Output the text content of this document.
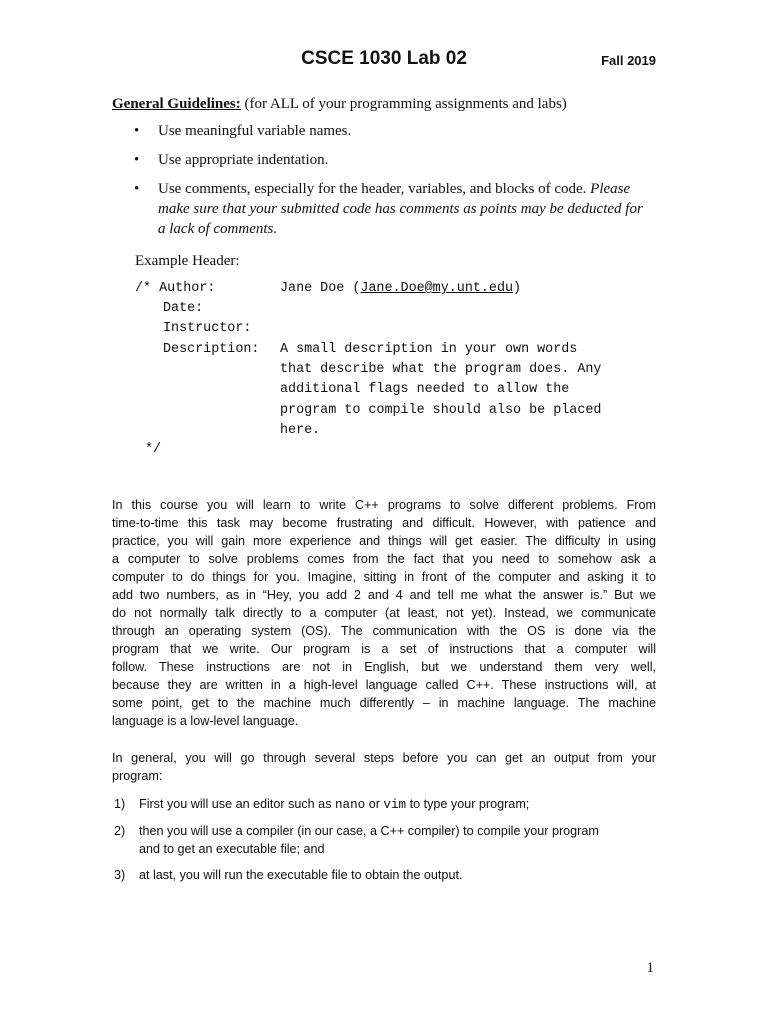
CSCE 1030 Lab 02	Fall 2019
General Guidelines: (for ALL of your programming assignments and labs)
• Use meaningful variable names.
• Use appropriate indentation.
• Use comments, especially for the header, variables, and blocks of code. Please
make sure that your submitted code has comments as points may be deducted for
a lack of comments.
Example Header:
/* Author:	Jane Doe (Jane.Doe@my.unt.edu)
Date:
Instructor:
Description: A small description in your own words
that describe what the program does. Any
additional flags needed to allow the
program to compile should also be placed
here.
*/
In this course you will learn to write C++ programs to solve different problems. From
time-to-time this task may become frustrating and difficult. However, with patience and
practice, you will gain more experience and things will get easier. The difficulty in using
a computer to solve problems comes from the fact that you need to somehow ask a
computer to do things for you. Imagine, sitting in front of the computer and asking it to
add two numbers, as in “Hey, you add 2 and 4 and tell me what the answer is.” But we
do not normally talk directly to a computer (at least, not yet). Instead, we communicate
through an operating system (OS). The communication with the OS is done via the
program that we write. Our program is a set of instructions that a computer will
follow. These instructions are not in English, but we understand them very well,
because they are written in a high-level language called C++. These instructions will, at
some point, get to the machine much differently – in machine language. The machine
language is a low-level language.
In general, you will go through several steps before you can get an output from your
program:
1) First you will use an editor such as nano or vim to type your program;
2) then you will use a compiler (in our case, a C++ compiler) to compile your program
and to get an executable file; and
3) at last, you will run the executable file to obtain the output.
1
